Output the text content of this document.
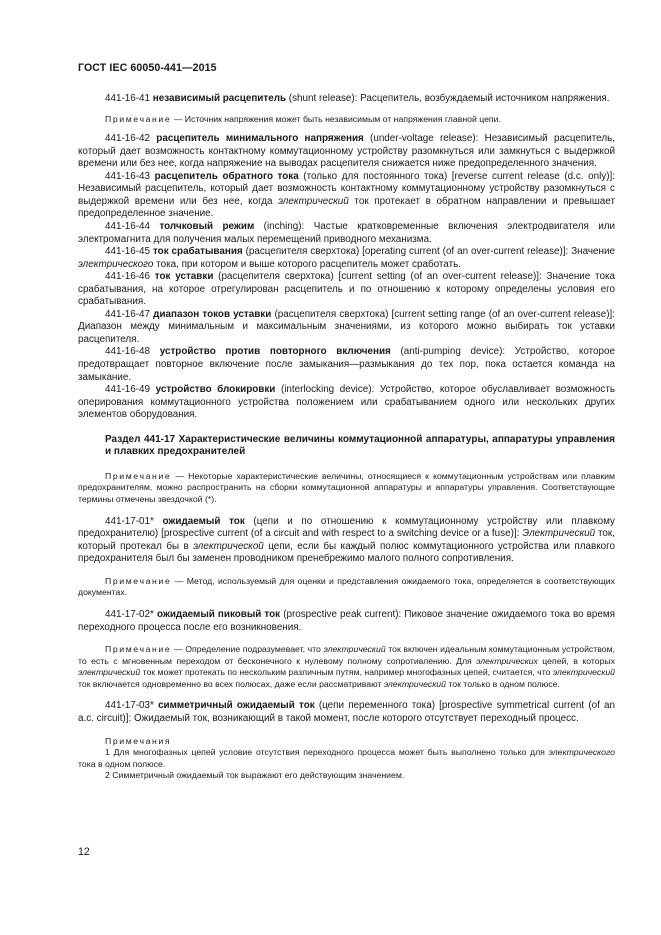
ГОСТ IEC 60050-441—2015

441-16-41 независимый расцепитель (shunt release): Расцепитель, возбуждаемый источником напряжения.

Примечание — Источник напряжения может быть независимым от напряжения главной цепи.

441-16-42 расцепитель минимального напряжения (under-voltage release): Независимый расцепитель, который дает возможность контактному коммутационному устройству разомкнуться или замкнуться с выдержкой времени или без нее, когда напряжение на выводах расцепителя снижается ниже предопределенного значения.

441-16-43 расцепитель обратного тока (только для постоянного тока) [reverse current release (d.c. only)]: Независимый расцепитель, который дает возможность контактному коммутационному устройству разомкнуться с выдержкой времени или без нее, когда электрический ток протекает в обратном направлении и превышает предопределенное значение.

441-16-44 толчковый режим (inching): Частые кратковременные включения электродвигателя или электромагнита для получения малых перемещений приводного механизма.

441-16-45 ток срабатывания (расцепителя сверхтока) [operating current (of an over-current release)]: Значение электрического тока, при котором и выше которого расцепитель может сработать.

441-16-46 ток уставки (расцепителя сверхтока) [current setting (of an over-current release)]: Значение тока срабатывания, на которое отрегулирован расцепитель и по отношению к которому определены условия его срабатывания.

441-16-47 диапазон токов уставки (расцепителя сверхтока) [current setting range (of an over-current release)]: Диапазон между минимальным и максимальным значениями, из которого можно выбирать ток уставки расцепителя.

441-16-48 устройство против повторного включения (anti-pumping device): Устройство, которое предотвращает повторное включение после замыкания—размыкания до тех пор, пока остается команда на замыкание.

441-16-49 устройство блокировки (interlocking device): Устройство, которое обуславливает возможность оперирования коммутационного устройства положением или срабатыванием одного или нескольких других элементов оборудования.

Раздел 441-17 Характеристические величины коммутационной аппаратуры, аппаратуры управления и плавких предохранителей

Примечание — Некоторые характеристические величины, относящиеся к коммутационным устройствам или плавким предохранителям, можно распространить на сборки коммутационной аппаратуры и аппаратуры управления. Соответствующие термины отмечены звездочкой (*).

441-17-01* ожидаемый ток (цепи и по отношению к коммутационному устройству или плавкому предохранителю) [prospective current (of a circuit and with respect to a switching device or a fuse)]: Электрический ток, который протекал бы в электрической цепи, если бы каждый полюс коммутационного устройства или плавкого предохранителя был бы заменен проводником пренебрежимо малого полного сопротивления.

Примечание — Метод, используемый для оценки и представления ожидаемого тока, определяется в соответствующих документах.

441-17-02* ожидаемый пиковый ток (prospective peak current): Пиковое значение ожидаемого тока во время переходного процесса после его возникновения.

Примечание — Определение подразумевает, что электрический ток включен идеальным коммутационным устройством, то есть с мгновенным переходом от бесконечного к нулевому полному сопротивлению. Для электрических цепей, в которых электрический ток может протекать по нескольким различным путям, например многофазных цепей, считается, что электрический ток включается одновременно во всех полюсах, даже если рассматривают электрический ток только в одном полюсе.

441-17-03* симметричный ожидаемый ток (цепи переменного тока) [prospective symmetrical current (of an a.c. circuit)]: Ожидаемый ток, возникающий в такой момент, после которого отсутствует переходный процесс.

Примечания

1 Для многофазных цепей условие отсутствия переходного процесса может быть выполнено только для электрического тока в одном полюсе.

2 Симметричный ожидаемый ток выражают его действующим значением.

12
